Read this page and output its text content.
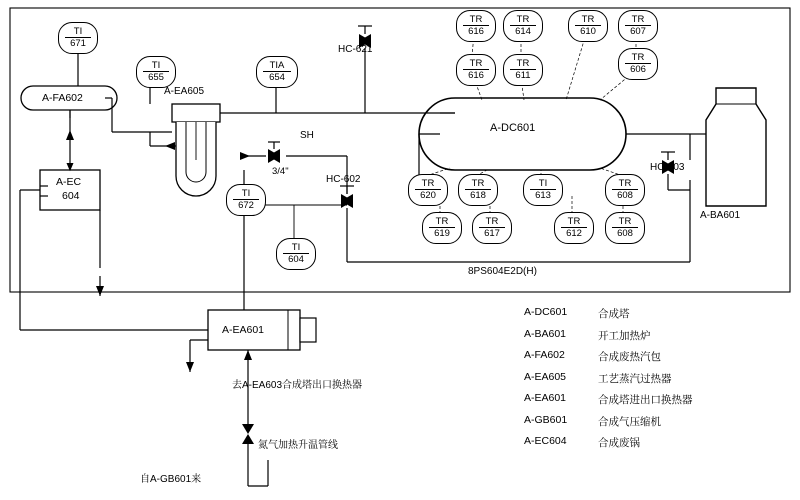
TI
671
TI
655
TIA
654
TR
616
TR
614
TR
610
TR
607
TR
616
TR
611
TR
606
TR
620
TR
618
TI
613
TR
608
TR
619
TR
617
TR
612
TR
608
TI
672
TI
604
A-FA602
A-EC
604
A-EA601
A-DC601
HC-621
HC-602
HC-603
A-EA605
SH
3/4"
A-BA601
8PS604E2D(H)
去A-EA603合成塔出口换热器
氮气加热升温管线
自A-GB601来
A-DC601	合成塔
A-BA601	开工加热炉
A-FA602	合成废热汽包
A-EA605	工艺蒸汽过热器
A-EA601	合成塔进出口换热器
A-GB601	合成气压缩机
A-EC604	合成废锅
